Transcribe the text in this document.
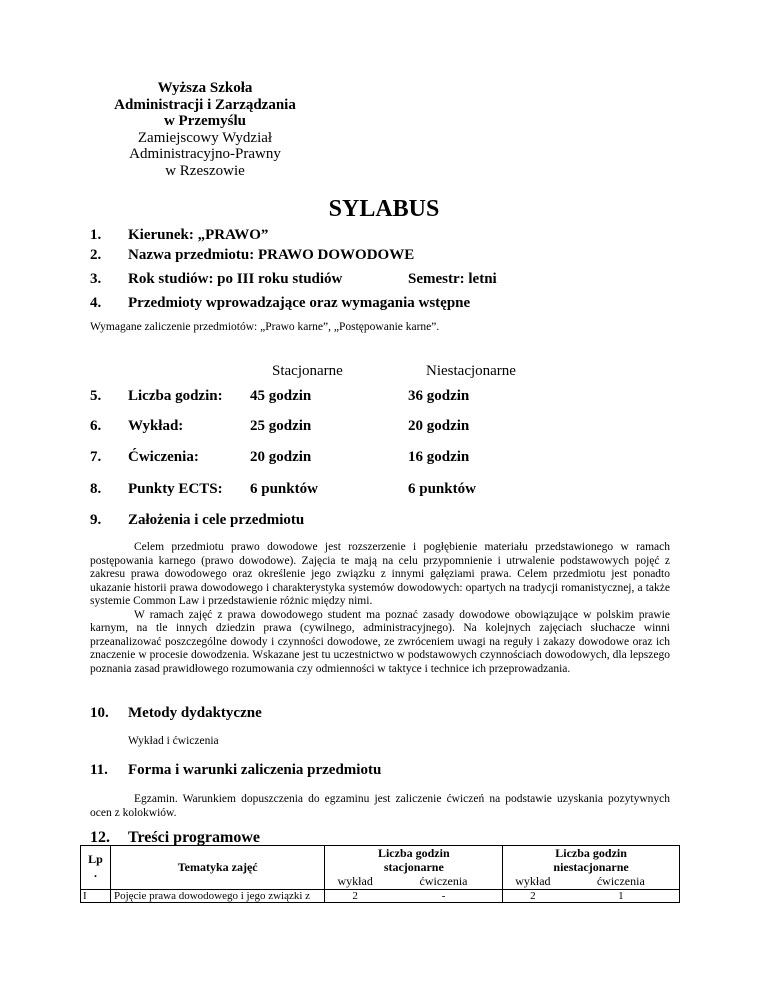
Wyższa Szkoła
Administracji i Zarządzania
w Przemyślu
Zamiejscowy Wydział
Administracyjno-Prawny
w Rzeszowie
SYLABUS
1. Kierunek: „PRAWO”
2. Nazwa przedmiotu: PRAWO DOWODOWE
3. Rok studiów: po III roku studiów	Semestr: letni
4. Przedmioty wprowadzające oraz wymagania wstępne
Wymagane zaliczenie przedmiotów: „Prawo karne”, „Postępowanie karne”.
Stacjonarne	Niestacjonarne
5. Liczba godzin: 45 godzin	36 godzin
6. Wykład:	25 godzin	20 godzin
7. Ćwiczenia:	20 godzin	16 godzin
8. Punkty ECTS: 6 punktów	6 punktów
9. Założenia i cele przedmiotu

Celem przedmiotu prawo dowodowe jest rozszerzenie i pogłębienie materiału przedstawionego w ramach postępowania karnego (prawo dowodowe). Zajęcia te mają na celu przypomnienie i utrwalenie podstawowych pojęć z zakresu prawa dowodowego oraz określenie jego związku z innymi gałęziami prawa. Celem przedmiotu jest ponadto ukazanie historii prawa dowodowego i charakterystyka systemów dowodowych: opartych na tradycji romanistycznej, a także systemie Common Law i przedstawienie różnic między nimi.

W ramach zajęć z prawa dowodowego student ma poznać zasady dowodowe obowiązujące w polskim prawie karnym, na tle innych dziedzin prawa (cywilnego, administracyjnego). Na kolejnych zajęciach słuchacze winni przeanalizować poszczególne dowody i czynności dowodowe, ze zwróceniem uwagi na reguły i zakazy dowodowe oraz ich znaczenie w procesie dowodzenia. Wskazane jest tu uczestnictwo w podstawowych czynnościach dowodowych, dla lepszego poznania zasad prawidłowego rozumowania czy odmienności w taktyce i technice ich przeprowadzania.

10. Metody dydaktyczne
Wykład i ćwiczenia
11. Forma i warunki zaliczenia przedmiotu

Egzamin. Warunkiem dopuszczenia do egzaminu jest zaliczenie ćwiczeń na podstawie uzyskania pozytywnych ocen z kolokwiów.

12. Treści programowe
Lp .	Tematyka zajęć	Liczba godzin stacjonarne		Liczba godzin niestacjonarne	
		wykład	ćwiczenia	wykład	ćwiczenia
I	Pojęcie prawa dowodowego i jego związki z	2	-	2	1
